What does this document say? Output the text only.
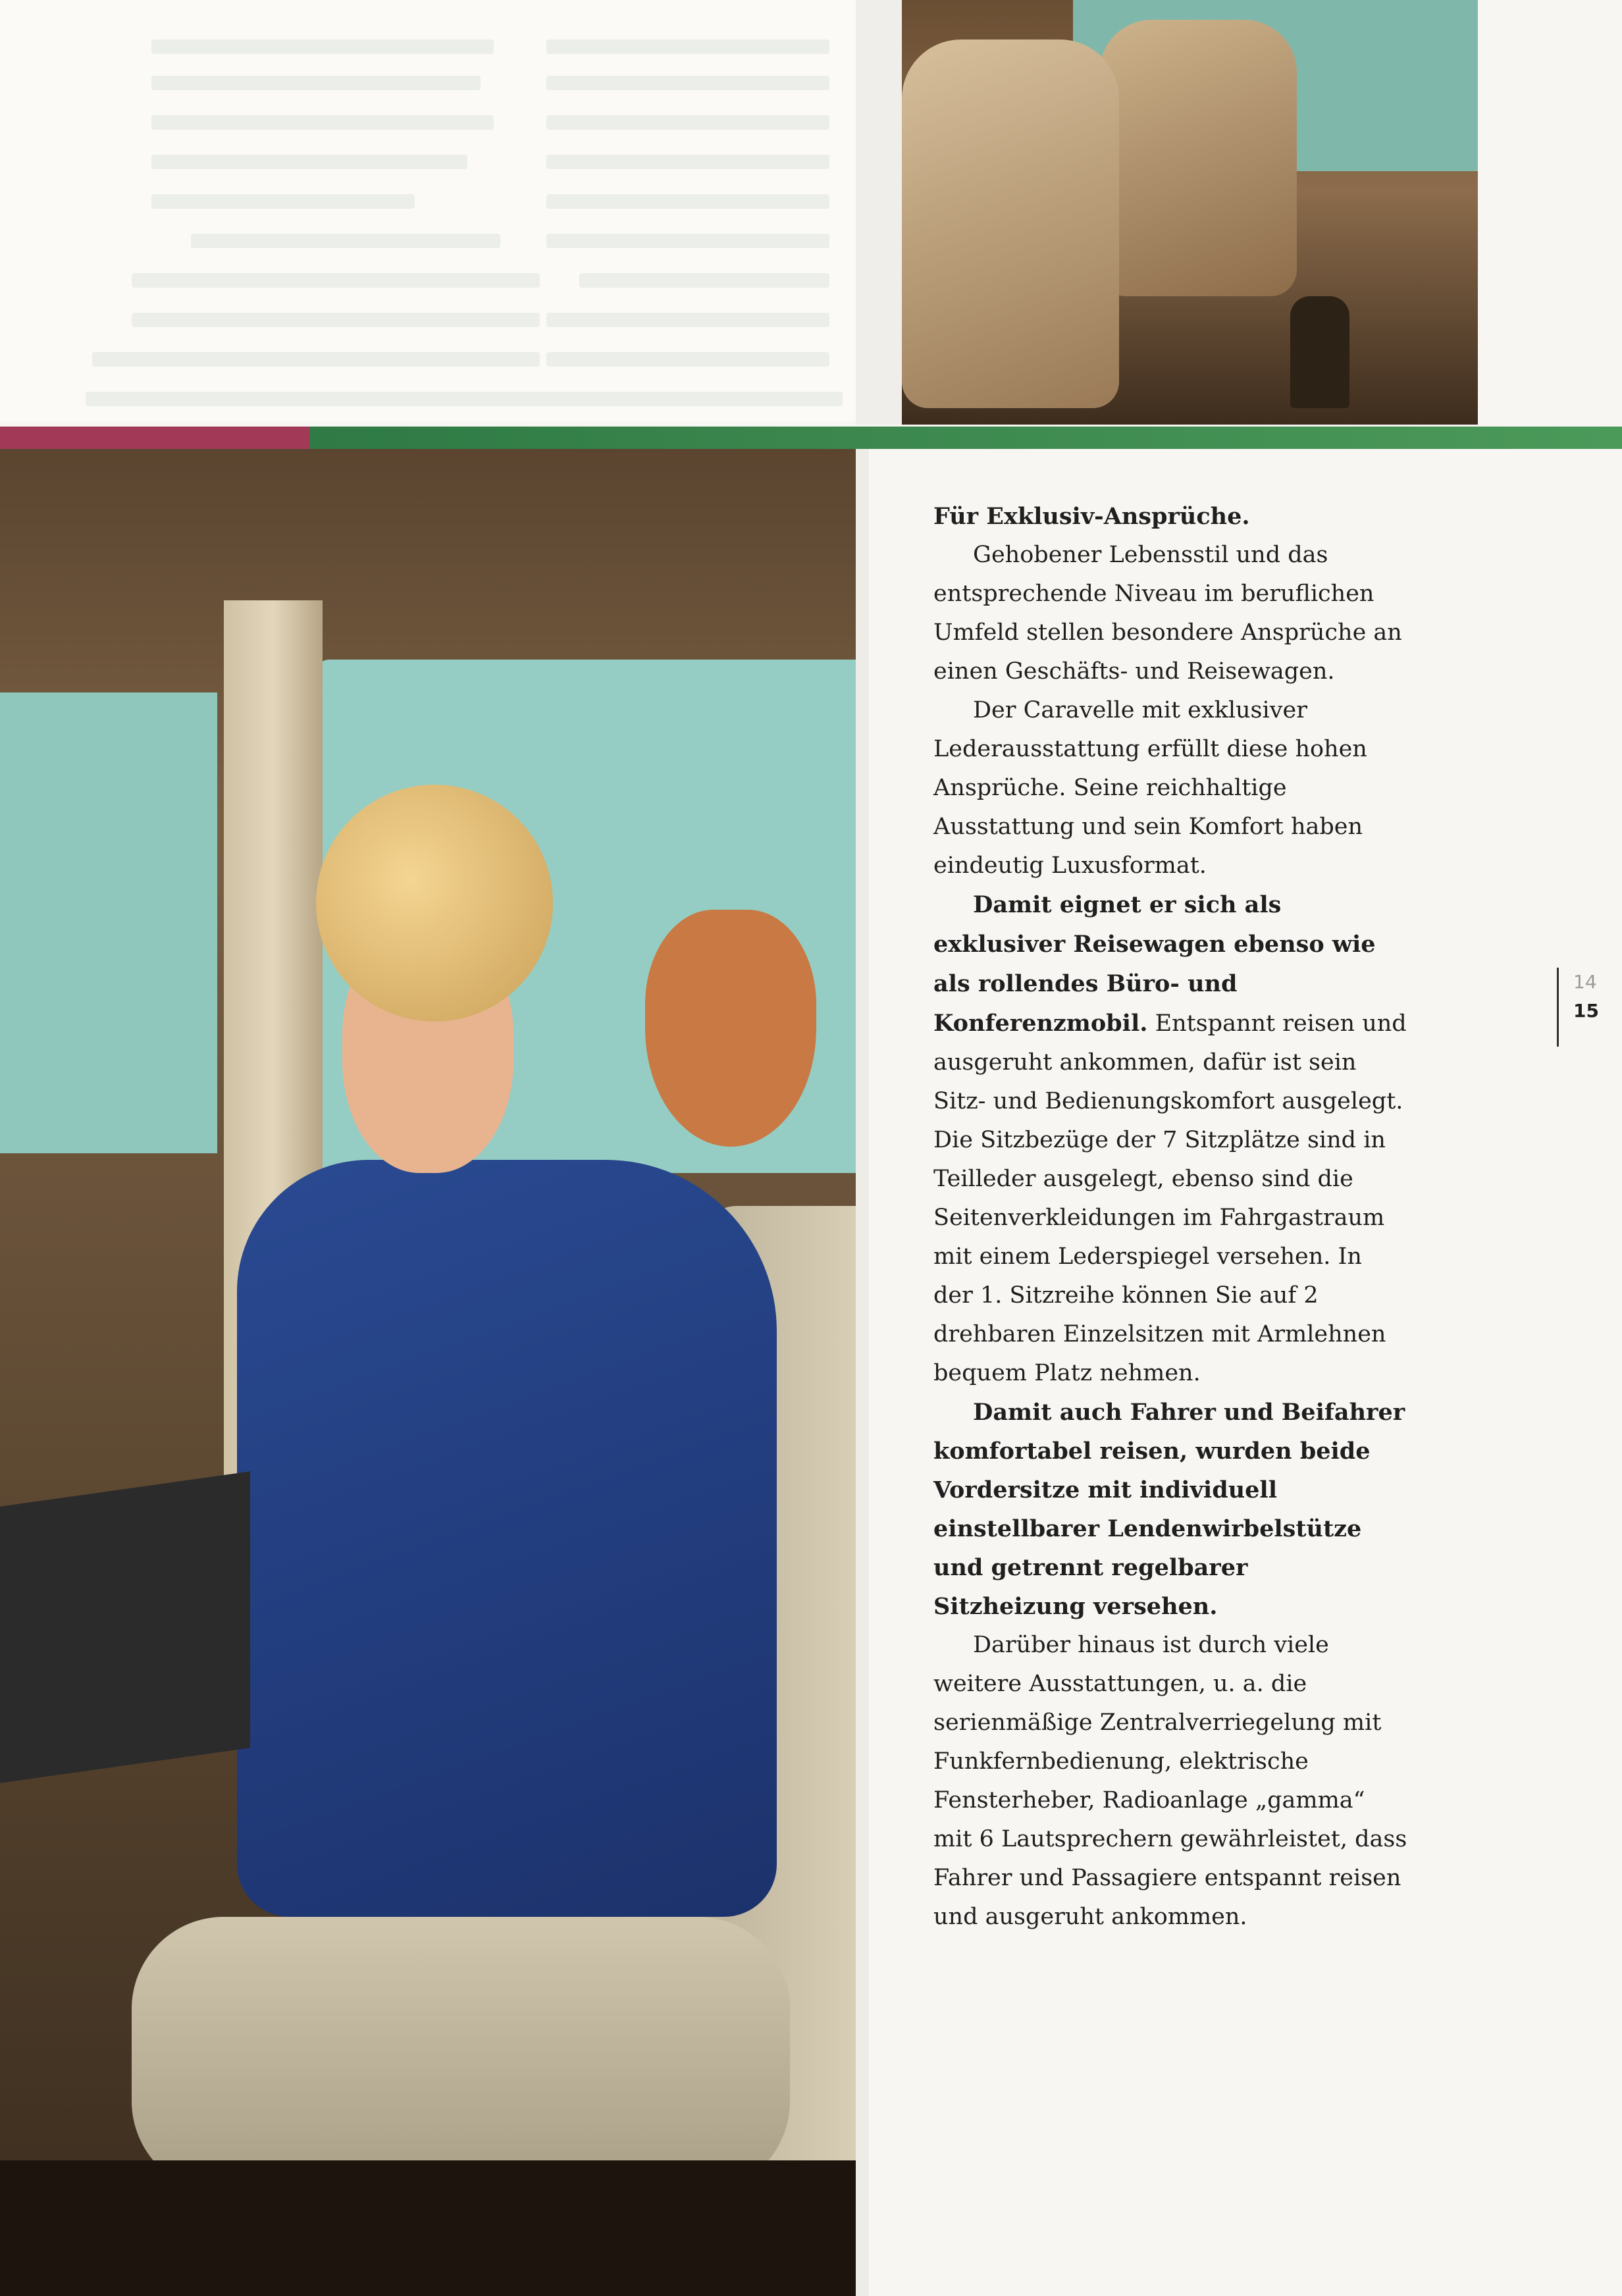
Für Exklusiv-Ansprüche.

Gehobener Lebensstil und das entsprechende Niveau im beruflichen Umfeld stellen besondere Ansprüche an einen Geschäfts- und Reisewagen.

Der Caravelle mit exklusiver Lederausstattung erfüllt diese hohen Ansprüche. Seine reichhaltige Ausstattung und sein Komfort haben eindeutig Luxusformat.

Damit eignet er sich als exklusiver Reisewagen ebenso wie als rollendes Büro- und Konferenzmobil. Entspannt reisen und ausgeruht ankommen, dafür ist sein Sitz- und Bedienungskomfort ausgelegt. Die Sitzbezüge der 7 Sitzplätze sind in Teilleder ausgelegt, ebenso sind die Seitenverkleidungen im Fahrgastraum mit einem Lederspiegel versehen. In der 1. Sitzreihe können Sie auf 2 drehbaren Einzelsitzen mit Armlehnen bequem Platz nehmen.

Damit auch Fahrer und Beifahrer komfortabel reisen, wurden beide Vordersitze mit individuell einstellbarer Lendenwirbelstütze und getrennt regelbarer Sitzheizung versehen.

Darüber hinaus ist durch viele weitere Ausstattungen, u. a. die serienmäßige Zentralverriegelung mit Funkfernbedienung, elektrische Fensterheber, Radioanlage „gamma“ mit 6 Lautsprechern gewährleistet, dass Fahrer und Passagiere entspannt reisen und ausgeruht ankommen.

14
15
